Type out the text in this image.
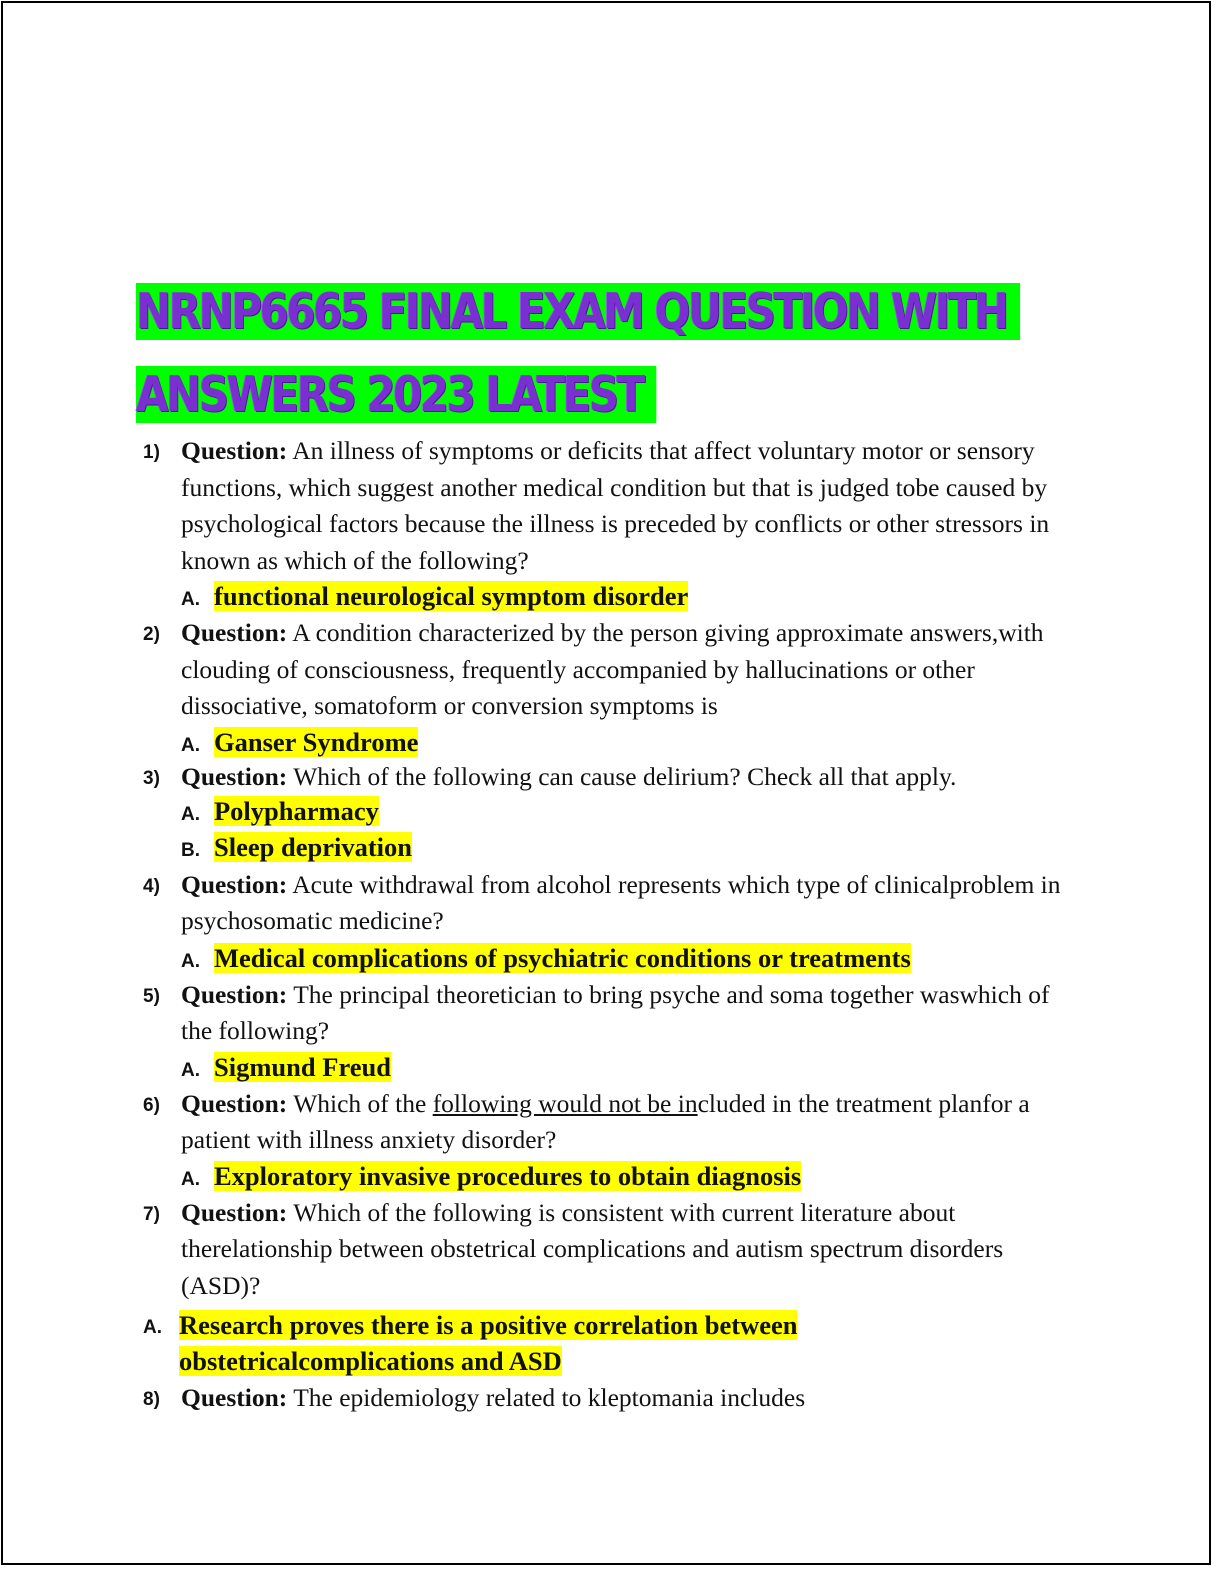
NRNP6665 FINAL EXAM QUESTION WITH
ANSWERS 2023 LATEST
1) Question: An illness of symptoms or deficits that affect voluntary motor or sensory functions, which suggest another medical condition but that is judged tobe caused by psychological factors because the illness is preceded by conflicts or other stressors in known as which of the following?
A. functional neurological symptom disorder
2) Question: A condition characterized by the person giving approximate answers,with clouding of consciousness, frequently accompanied by hallucinations or other dissociative, somatoform or conversion symptoms is
A. Ganser Syndrome
3) Question: Which of the following can cause delirium? Check all that apply.
A. Polypharmacy
B. Sleep deprivation
4) Question: Acute withdrawal from alcohol represents which type of clinicalproblem in psychosomatic medicine?
A. Medical complications of psychiatric conditions or treatments
5) Question: The principal theoretician to bring psyche and soma together waswhich of the following?
A. Sigmund Freud
6) Question: Which of the following would not be included in the treatment planfor a patient with illness anxiety disorder?
A. Exploratory invasive procedures to obtain diagnosis
7) Question: Which of the following is consistent with current literature about therelationship between obstetrical complications and autism spectrum disorders (ASD)?
A. Research proves there is a positive correlation between obstetricalcomplications and ASD
8) Question: The epidemiology related to kleptomania includes
